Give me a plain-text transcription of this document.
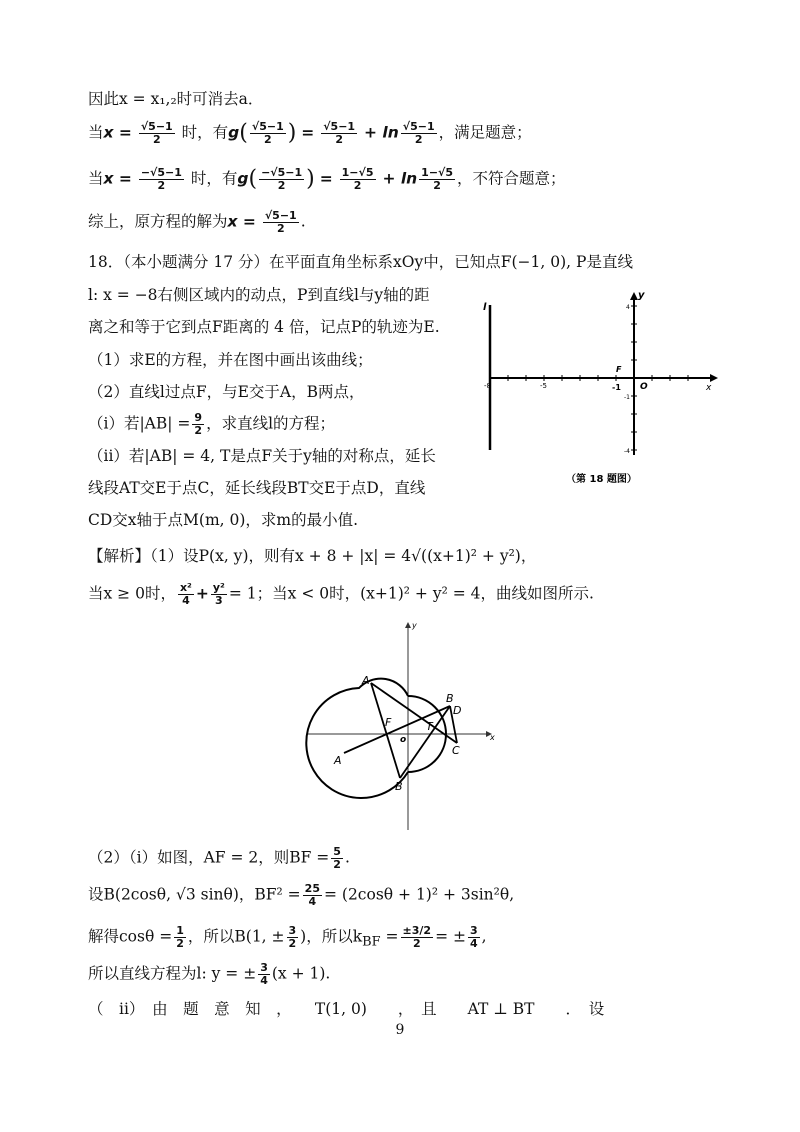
因此x = x₁,₂时可消去a．
当$x = \frac{√5-1}{2}$ 时，有$g( \frac{√5-1}{2}$ ) = $\frac{√5-1}{2} + \ln \frac{√5-1}{2}$ ，满足题意；
当$x = \frac{-√5-1}{2}$ 时，有$g( \frac{-√5-1}{2}$ ) = $\frac{1-√5}{2} + \ln \frac{1-√5}{2}$ ，不符合题意；
综上，原方程的解为$x = \frac{√5-1}{2}$ .
18．（本小题满分 17 分）在平面直角坐标系xOy中，已知点F(−1, 0), P是直线
l: x = −8右侧区域内的动点，P到直线l与y轴的距
离之和等于它到点F距离的 4 倍，记点P的轨迹为E.
（1）求E的方程，并在图中画出该曲线；
（2）直线l过点F，与E交于A，B两点，
（i）若$|AB| = \frac{9}{2}$ ，求直线l的方程；
（ii）若|AB| = 4, T是点F关于y轴的对称点，延长
线段AT交E于点C，延长线段BT交E于点D，直线
CD交x轴于点M(m, 0)，求m的最小值.
【解析】（1）设P(x, y)，则有x + 8 + |x| = 4√((x+1)² + y²)，
当x ≥ 0时， $\frac{\text{x²}}{4} + \frac{\text{y²}}{3} = 1$；当x < 0时，(x+1)² + y² = 4，曲线如图所示.
（2）（i）如图，AF = 2，则BF = $\frac{5}{2}$ .
设B(2cosθ, √3 sinθ)，$BF^2 = \frac{25}{4} = (2\cos\theta + 1)^2 + 3\sin^2\theta$,
解得$\cos\theta = \frac{1}{2}$ ，所以B(1, ± $\frac{3}{2}$ )，所以$k_{BF} = \frac{\pm 3/2}{2}$ = ± $\frac{3}{4}$ ,
所以直线方程为l: y = ± $\frac{3}{4} (x + 1)$.
（　ii）　由　题　意　知　，　　T(1, 0)　　，　且　　AT ⊥ BT　　．　设
9
l
y
x
O
F
-8	-5	-1
4
-1
-4
（第 18 题图）
x
y
o
A
B
C
D
F	T
A
B
